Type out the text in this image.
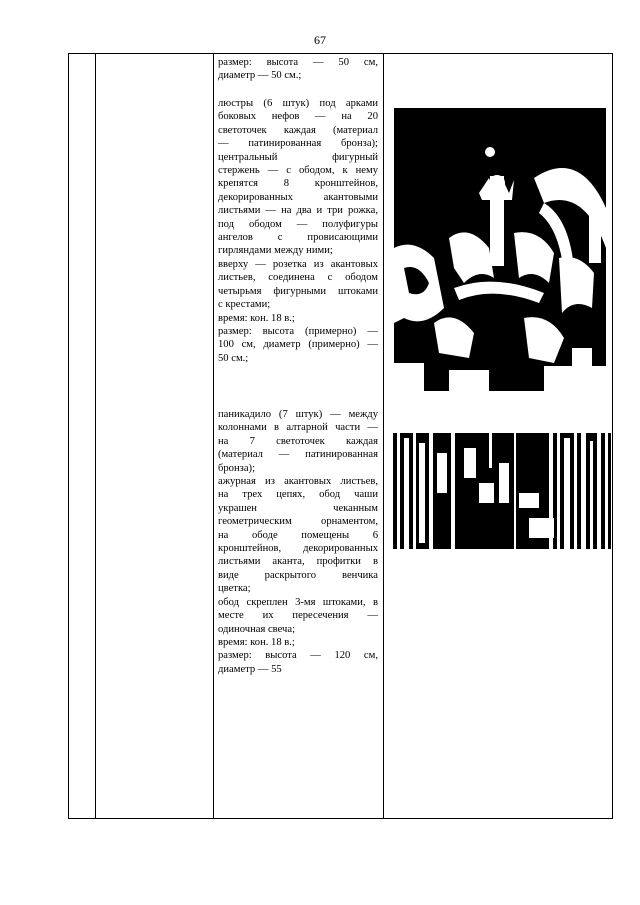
67
размер: высота — 50 см,
диаметр — 50 см.;
люстры (6 штук) под арками
боковых нефов — на 20
светоточек каждая (материал
— патинированная бронза);
центральный фигурный
стержень — с ободом, к нему
крепятся 8 кронштейнов,
декорированных акантовыми
листьями — на два и три рожка,
под ободом — полуфигуры
ангелов с провисающими
гирляндами между ними;
вверху — розетка из акантовых
листьев, соединена с ободом
четырьмя фигурными штоками
с крестами;
время: кон. 18 в.;
размер: высота (примерно) —
100 см, диаметр (примерно) —
50 см.;
паникадило (7 штук) — между
колоннами в алтарной части —
на 7 светоточек каждая
(материал — патинированная
бронза);
ажурная из акантовых листьев,
на трех цепях, обод чаши
украшен чеканным
геометрическим орнаментом,
на ободе помещены 6
кронштейнов, декорированных
листьями аканта, профитки в
виде раскрытого венчика
цветка;
обод скреплен 3-мя штоками, в
месте их пересечения —
одиночная свеча;
время: кон. 18 в.;
размер: высота — 120 см,
диаметр — 55
